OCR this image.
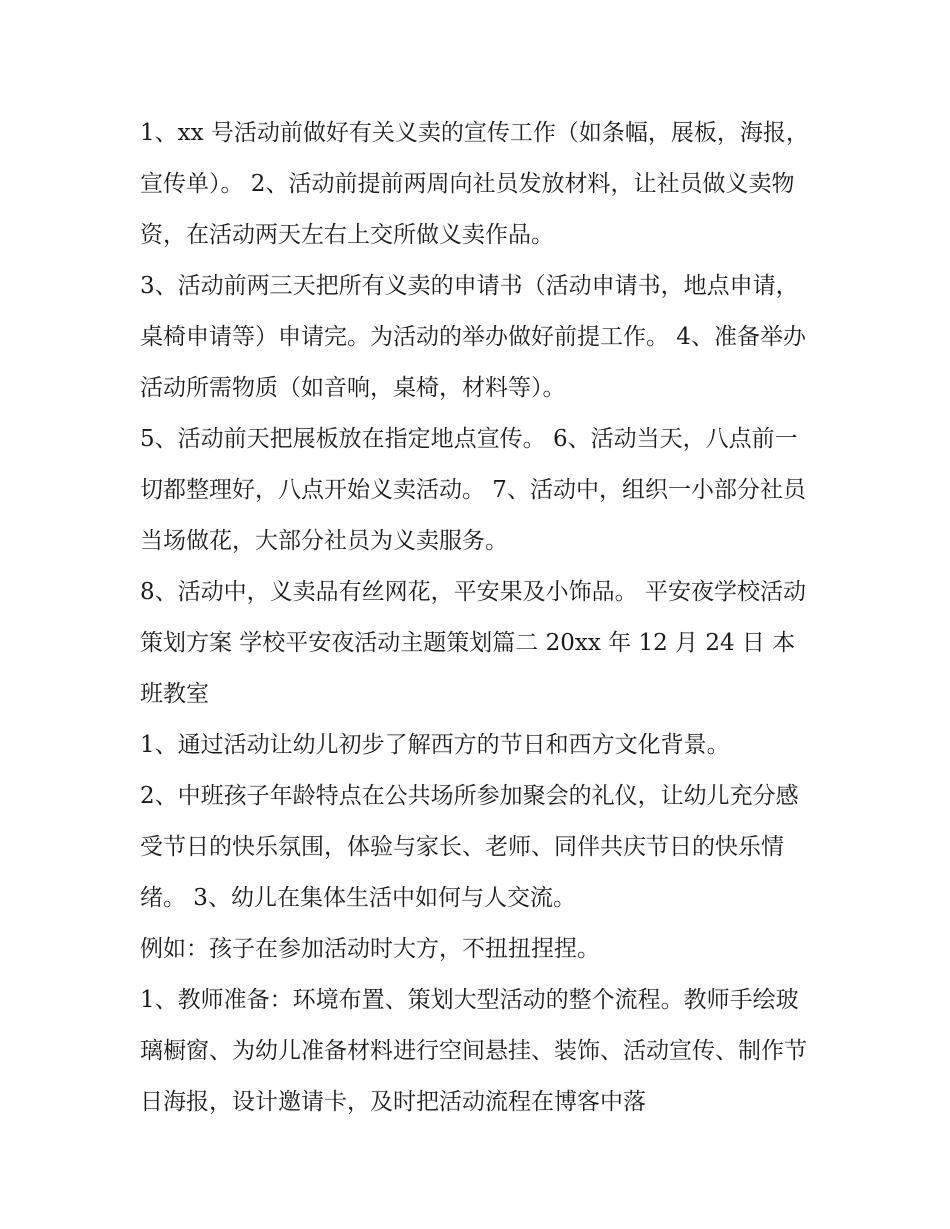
1、xx 号活动前做好有关义卖的宣传工作（如条幅，展板，海报，宣传单）。 2、活动前提前两周向社员发放材料，让社员做义卖物资，在活动两天左右上交所做义卖作品。

3、活动前两三天把所有义卖的申请书（活动申请书，地点申请，桌椅申请等）申请完。为活动的举办做好前提工作。 4、准备举办活动所需物质（如音响，桌椅，材料等）。

5、活动前天把展板放在指定地点宣传。 6、活动当天，八点前一切都整理好，八点开始义卖活动。 7、活动中，组织一小部分社员当场做花，大部分社员为义卖服务。

8、活动中，义卖品有丝网花，平安果及小饰品。 平安夜学校活动策划方案 学校平安夜活动主题策划篇二 20xx 年 12 月 24 日 本班教室

1、通过活动让幼儿初步了解西方的节日和西方文化背景。

2、中班孩子年龄特点在公共场所参加聚会的礼仪，让幼儿充分感受节日的快乐氛围，体验与家长、老师、同伴共庆节日的快乐情绪。 3、幼儿在集体生活中如何与人交流。

例如：孩子在参加活动时大方，不扭扭捏捏。

1、教师准备：环境布置、策划大型活动的整个流程。教师手绘玻璃橱窗、为幼儿准备材料进行空间悬挂、装饰、活动宣传、制作节日海报，设计邀请卡，及时把活动流程在博客中落
